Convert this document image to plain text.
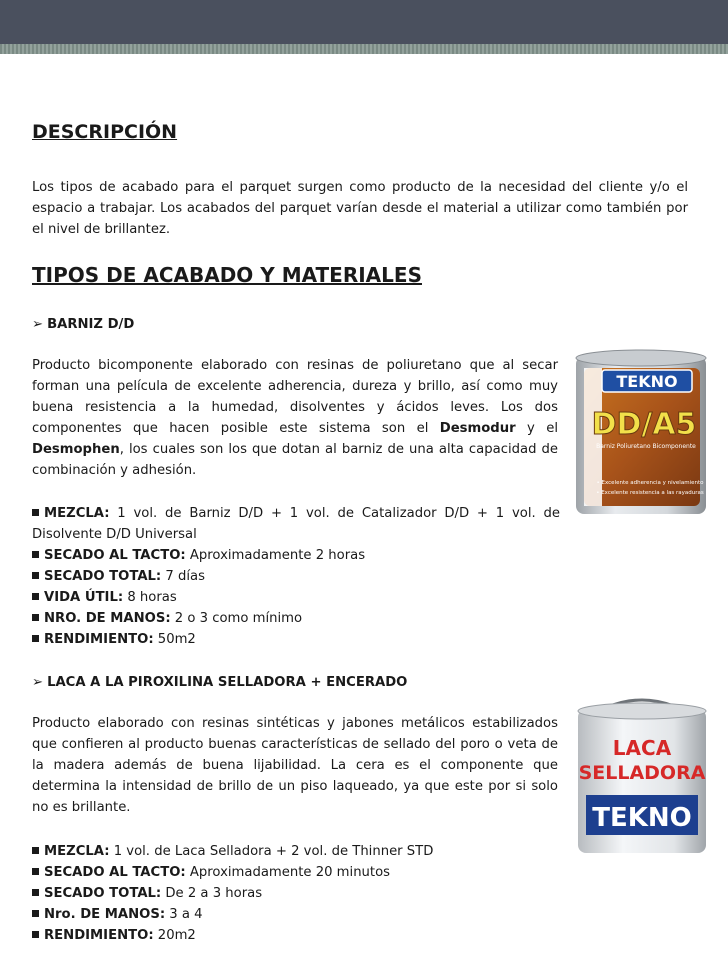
DESCRIPCIÓN

Los tipos de acabado para el parquet surgen como producto de la necesidad del cliente y/o el espacio a trabajar. Los acabados del parquet varían desde el material a utilizar como también por el nivel de brillantez.

TIPOS DE ACABADO Y MATERIALES

➢ BARNIZ D/D

Producto bicomponente elaborado con resinas de poliuretano que al secar forman una película de excelente adherencia, dureza y brillo, así como muy buena resistencia a la humedad, disolventes y ácidos leves. Los dos componentes que hacen posible este sistema son el Desmodur y el Desmophen, los cuales son los que dotan al barniz de una alta capacidad de combinación y adhesión.

MEZCLA: 1 vol. de Barniz D/D + 1 vol. de Catalizador D/D + 1 vol. de Disolvente D/D Universal
SECADO AL TACTO: Aproximadamente 2 horas
SECADO TOTAL: 7 días
VIDA ÚTIL: 8 horas
NRO. DE MANOS: 2 o 3 como mínimo
RENDIMIENTO: 50m2

➢ LACA A LA PIROXILINA SELLADORA + ENCERADO

Producto elaborado con resinas sintéticas y jabones metálicos estabilizados que confieren al producto buenas características de sellado del poro o veta de la madera además de buena lijabilidad. La cera es el componente que determina la intensidad de brillo de un piso laqueado, ya que este por si solo no es brillante.

MEZCLA: 1 vol. de Laca Selladora + 2 vol. de Thinner STD
SECADO AL TACTO: Aproximadamente 20 minutos
SECADO TOTAL: De 2 a 3 horas
Nro. DE MANOS: 3 a 4
RENDIMIENTO: 20m2
TEKNO
DD/A5
Barniz Poliuretano Bicomponente
• Excelente adherencia y nivelamiento
• Excelente resistencia a las rayaduras
LACA
SELLADORA
TEKNO
